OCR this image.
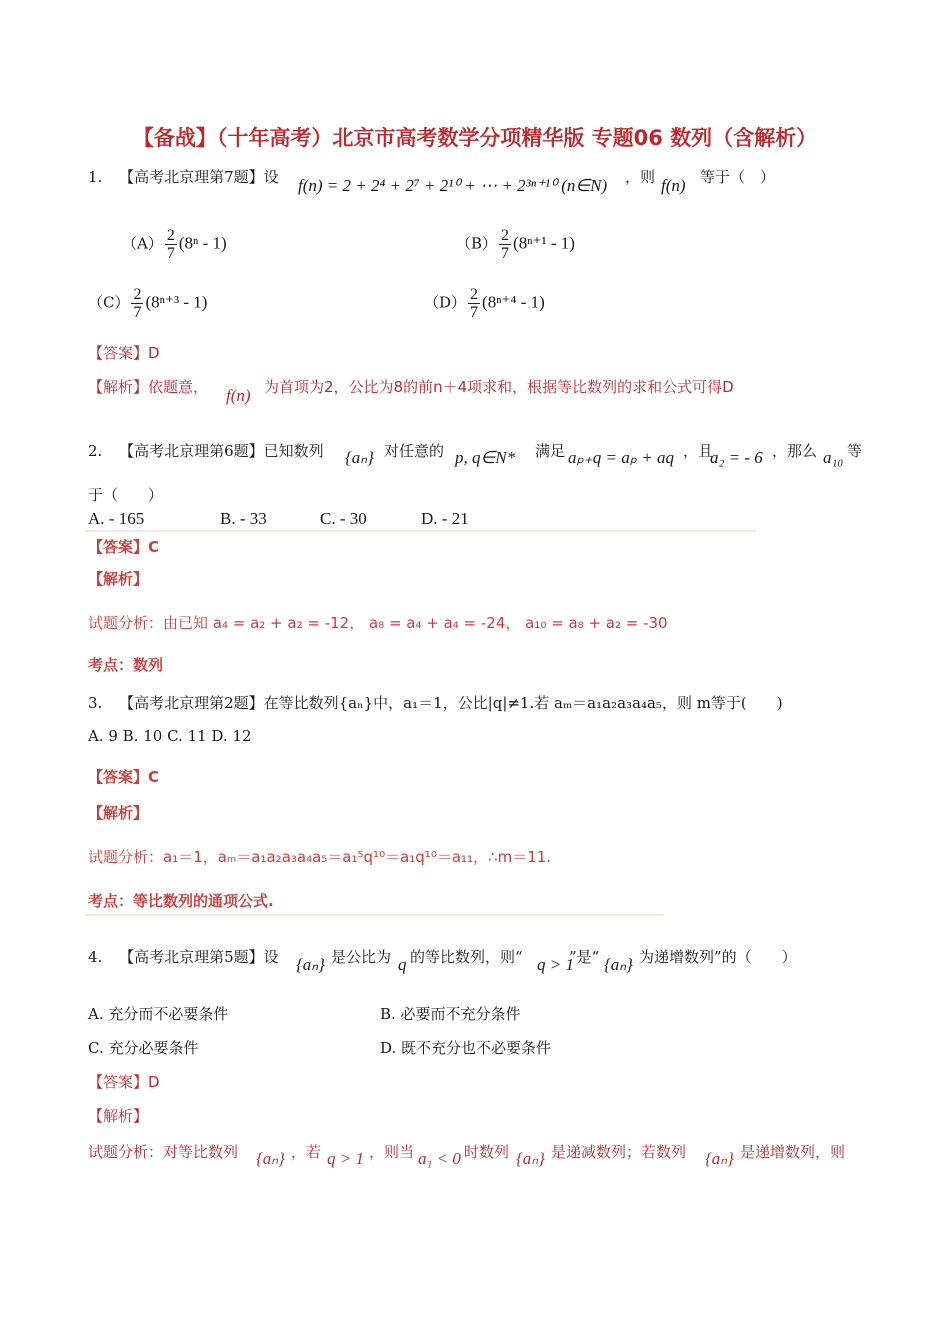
【备战】（十年高考）北京市高考数学分项精华版 专题06 数列（含解析）
1. 【高考北京理第7题】设 f(n) = 2 + 2⁴ + 2⁷ + 2¹⁰ + ⋯ + 2³ⁿ⁺¹⁰ (n∈N) ，则 f(n) 等于（　）
$(A) \frac{2}{7} (8^n - 1)$	$(B) \frac{2}{7} (8^{n+1} - 1)$
$(C) \frac{2}{7} (8^{n+3} - 1)$	$(D) \frac{2}{7} (8^{n+4} - 1)$
【答案】D
【解析】依题意， f(n) 为首项为2，公比为8的前n＋4项求和，根据等比数列的求和公式可得D
2. 【高考北京理第6题】已知数列 {aₙ} 对任意的 p, q∈N* 满足 aₚ₊q = aₚ + aq ，且
a₂ = - 6 ，那么 a₁₀ 等
于（　　）
A. - 165	B. - 33	C. - 30	D. - 21
【答案】C
【解析】
试题分析：由已知 a₄ = a₂ + a₂ = -12， a₈ = a₄ + a₄ = -24， a₁₀ = a₈ + a₂ = -30
考点：数列
3. 【高考北京理第2题】在等比数列{aₙ}中，a₁＝1，公比|q|≠1.若 aₘ＝a₁a₂a₃a₄a₅，则 m等于(　　)
A. 9 B. 10 C. 11 D. 12
【答案】C
【解析】
试题分析：a₁＝1，aₘ＝a₁a₂a₃a₄a₅＝a₁⁵q¹⁰＝a₁q¹⁰＝a₁₁，∴m＝11.
考点：等比数列的通项公式.
4. 【高考北京理第5题】设 {aₙ} 是公比为 q 的等比数列，则“ q > 1
”是“ {aₙ} 为递增数列”的（　　）
A. 充分而不必要条件	B. 必要而不充分条件
C. 充分必要条件	D. 既不充分也不必要条件
【答案】D
【解析】
试题分析：对等比数列 {aₙ} ，若 q > 1 ，则当 a₁ < 0 时数列 {aₙ} 是递减数列；若数列 {aₙ} 是递增数列，则
